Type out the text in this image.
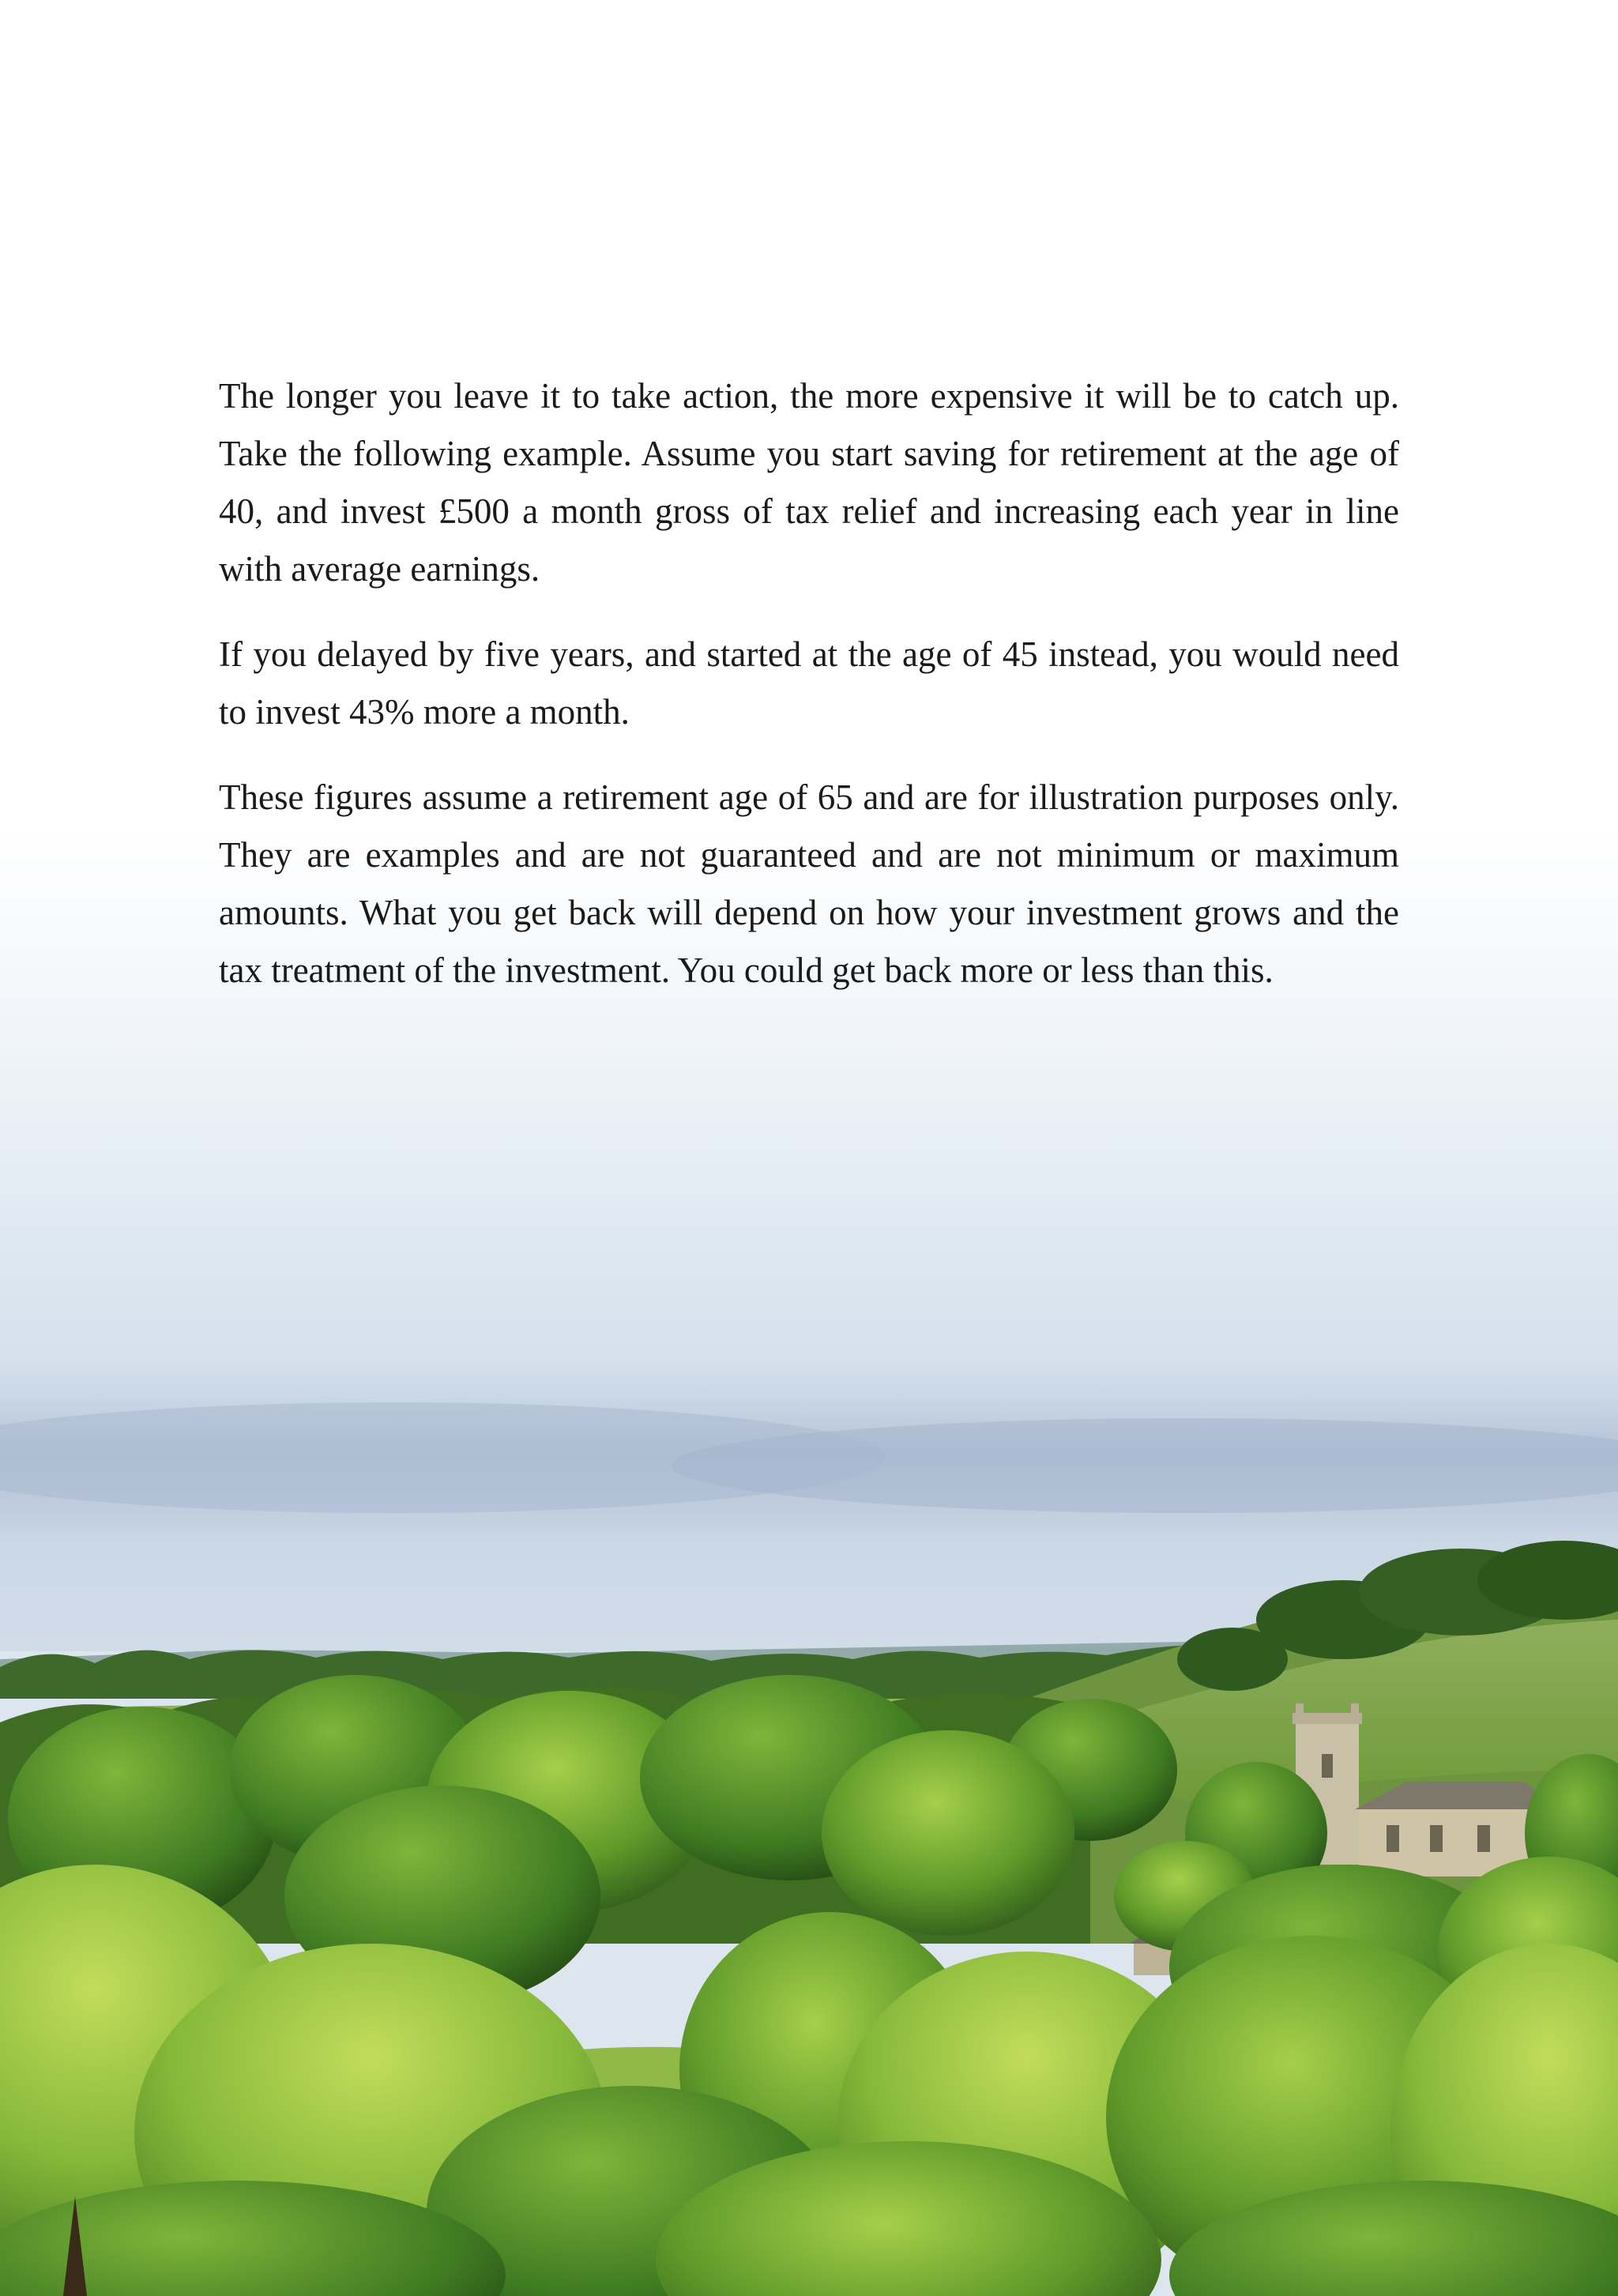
The longer you leave it to take action, the more expensive it will be to catch up. Take the following example. Assume you start saving for retirement at the age of 40, and invest £500 a month gross of tax relief and increasing each year in line with average earnings.

If you delayed by five years, and started at the age of 45 instead, you would need to invest 43% more a month.

These figures assume a retirement age of 65 and are for illustration purposes only. They are examples and are not guaranteed and are not minimum or maximum amounts. What you get back will depend on how your investment grows and the tax treatment of the investment. You could get back more or less than this.
